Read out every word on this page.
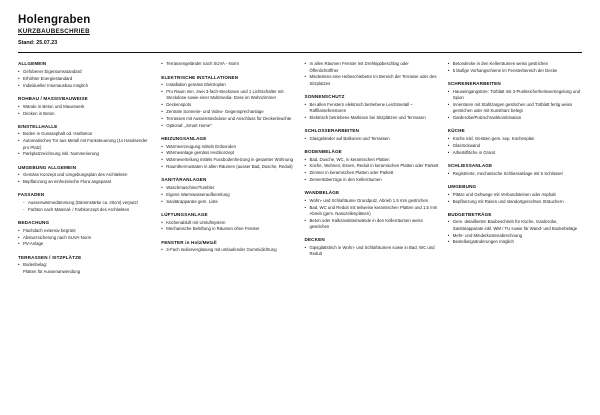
Holengraben
KURZBAUBESCHRIEB
Stand: 25.07.23
ALLGEMEIN
• Gefobener Eigentumsstandard
• Erhöhter Energiestandard
• Individueller Innenausbau möglich
ROHBAU / MASSIVBAUWEISE
• Wände in Beton und Mauerwerk
• Decken in Beton
EINSTELLHALLE
• Boden in Gussasphalt od. Hartbeton
• Automatisches Tor aus Metall mit Funksteuerung (1x Handsender pro Platz)
• Parkplatzzeichnung inkl. Nummerierung
UMGEBUNG ALLGEMEIN
• Gemäss Konzept und Umgebungsplan des Architekten
• Bepflanzung an einheimische Flora angepasst
FASSADEN
- Aussenwärmedämmung (Dämmstärke ca. 20cm) verputzt
- Farbton nach Material- / Farbkonzept des Architekten
BEDACHUNG
• Flachdach extensiv begrünt
• Absturzsicherung nach SUVA-Norm
• PV-Anlage
TERRASSEN / SITZPLÄTZE
• Bodenbelag:
Platten für Aussenanwendung
• Terrassengeländer nach SUVA - Norm
ELEKTRISCHE INSTALLATIONEN
• Installation gemäss Elektroplan
• Pro Raum min. zwei 3-fach-Steckosen und 1 Lichtschalter mit Steckdose sowie einer Multimedia- Dose im Wohnzimmer
• Deckenspots
• Zentrale Sonnerie- und Video- Gegensprechanlage
• Terrassen mit Aussensteckdose und Anschluss für Deckenleuchte
• Optional: „Smart Home"
HEIZUNGSANLAGE
• Wärmeerzeugung mittels Erdsonden
• Wärmeanlage gemäss Heizkonzept
• Wärmeverteilung mittels Fussbodenheizung in gesamter Wohnung
• Raumthermostaten in allen Räumen (ausser Bad, Dusche, Reduit)
SANITÄRANLAGEN
• Waschmaschine/Tumbler
• Eigene Warmwasseraufbereitung
• Sanitärapparate gem. Liste
LÜFTUNGSANLAGE
• Küchenabluft mit Umluftsystem
• Mechanische Belüftung in Räumen ohne Fenster
FENSTER in Holz/Metall
• 3-Fach Isolierverglasung mit umlaufender Gummidichtung
• In allen Räumen Fenster mit Drehkippbeschlag oder Öffenlichtöffner
• Mindestens eine Hebeschiebetür im Bereich der Terrasse oder des Sitzplatzes
SONNENSCHUTZ
• Bei allen Fenstern elektrisch betriebene Leichtmetall –Raffilamellenstoren
• Elektrisch betriebene Markisen bei Sitzplätzen und Terrassen
SCHLOSSERARBEITEN
• Glasgeländer auf Balkonen und Terrassen
BODENBELÄGE
• Bad, Dusche, WC, in keramischen Platten
• Küche, Wohnen, Essen, Reduit in keramischen Platten oder Parkett
• Zimmer in keramischen Platten oder Parkett
• Zementüberzüge in den Kellerräumen
WANDBELÄGE
• Wohn- und Schlafräume Grundputz, Abrieb 1.5 mm gestrichen
• Bad, WC und Reduit mit teilweise keramischen Platten und 1.5 mm Abrieb (gem. Nasszellenplänen)
• Beton oder Kalkzandsteinwände in den Kellerräumen weiss gestrichen
DECKEN
• Gipsglattstrich in Wohn- und Schlafräumen sowie in Bad, WC und Reduit
• Betondecke in den Kellerräumen weiss gestrichen
• 5 läufige Vorhangschiene im Fensterbereich der Decke
SCHREINERARBEITEN
• Hauseingangstüre: Türblatt mit 3-Punktsicherheitsverriegelung und Spion
• Innentüren mit Stahlzargen gestrichen und Türblatt fertig weiss gestrichen oder mit Kunstharz belegt
• Garderobe/Putzschrankkombination
KÜCHE
• Küche inkl. Geräten gem. sep. Küchenplan
• Glasrückwand
• Arbeitsfläche in Granit
SCHLIESSANLAGE
• Registrierte, mechanische Schliessanlage mit 5 Schlüssel
UMGEBUNG
• Plätze und Gehwege mit Verbundsteinen oder Asphalt
• Bepflanzung mit Rasen und standortgerechten Sträuchern
BUDGETBETRÄGE
• Gem. detaillierten Baubeschrieb für Küche, Garderobe, Sanitärapparate inkl. WM / TU sowie für Wand- und Bodenbeläge
• Mehr- und Minderkostenabrechnung
• Bestellungsänderungen möglich
